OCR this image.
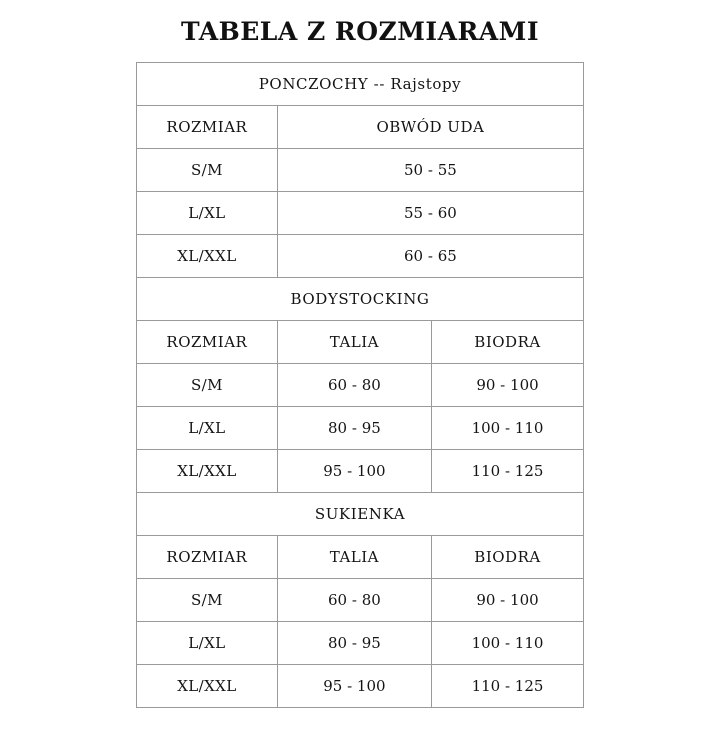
TABELA Z ROZMIARAMI
PONCZOCHY -- Rajstopy		
ROZMIAR	OBWÓD UDA	
S/M	50 - 55	
L/XL	55 - 60	
XL/XXL	60 - 65	
BODYSTOCKING		
ROZMIAR	TALIA	BIODRA
S/M	60 - 80	90 - 100
L/XL	80 - 95	100 - 110
XL/XXL	95 - 100	110 - 125
SUKIENKA		
ROZMIAR	TALIA	BIODRA
S/M	60 - 80	90 - 100
L/XL	80 - 95	100 - 110
XL/XXL	95 - 100	110 - 125
